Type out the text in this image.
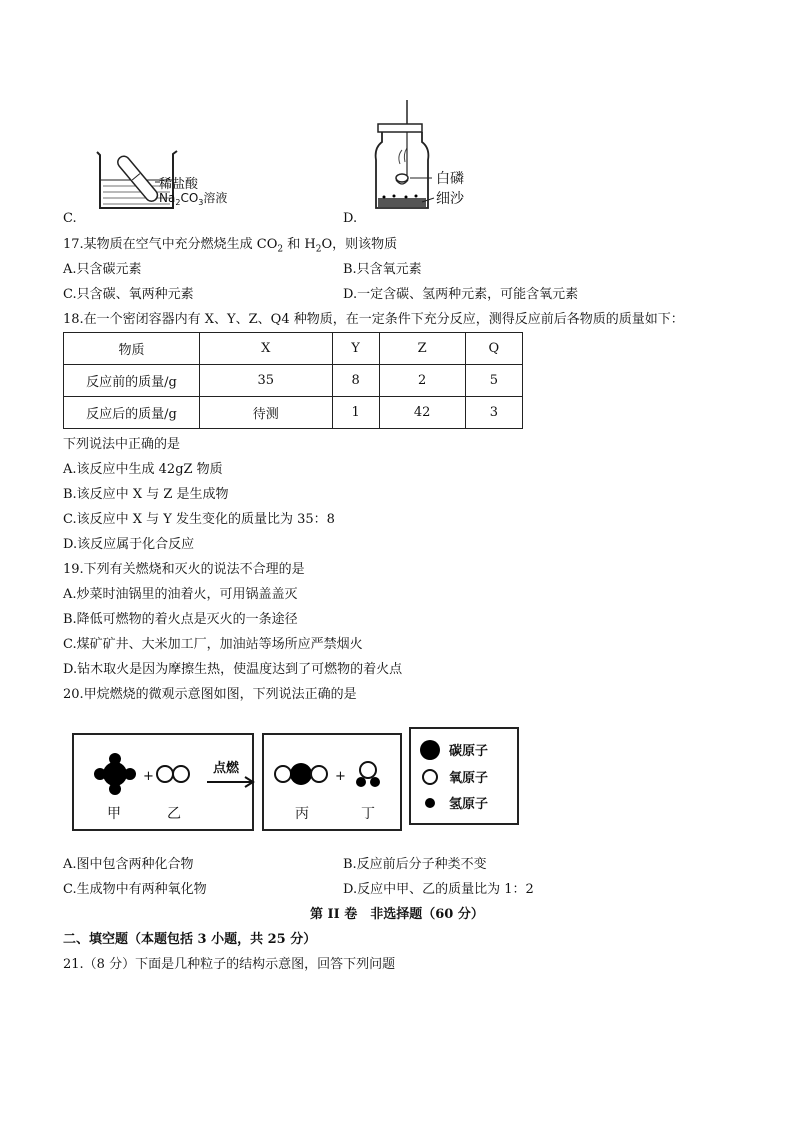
稀盐酸
$Na_2CO_3$溶液
C.
白磷
细沙
D.
17.某物质在空气中充分燃烧生成 $CO_2$ 和 $H_2O$，则该物质
A.只含碳元素	B.只含氧元素
C.只含碳、氧两种元素	D.一定含碳、氢两种元素，可能含氧元素
18.在一个密闭容器内有 X、Y、Z、Q4 种物质，在一定条件下充分反应，测得反应前后各物质的质量如下：
物质	X	Y	Z	Q
反应前的质量/g	35	8	2	5
反应后的质量/g	待测	1	42	3
下列说法中正确的是
A.该反应中生成 42gZ 物质
B.该反应中 X 与 Z 是生成物
C.该反应中 X 与 Y 发生变化的质量比为 35：8
D.该反应属于化合反应
19.下列有关燃烧和灭火的说法不合理的是
A.炒菜时油锅里的油着火，可用锅盖盖灭
B.降低可燃物的着火点是灭火的一条途径
C.煤矿矿井、大米加工厂，加油站等场所应严禁烟火
D.钻木取火是因为摩擦生热，使温度达到了可燃物的着火点
20.甲烷燃烧的微观示意图如图，下列说法正确的是
+
甲	乙
点燃
+
丙	丁
碳原子
氧原子
氢原子
A.图中包含两种化合物	B.反应前后分子种类不变
C.生成物中有两种氧化物	D.反应中甲、乙的质量比为 1：2
第 II 卷　非选择题（60 分）
二、填空题（本题包括 3 小题，共 25 分）
21.（8 分）下面是几种粒子的结构示意图，回答下列问题
